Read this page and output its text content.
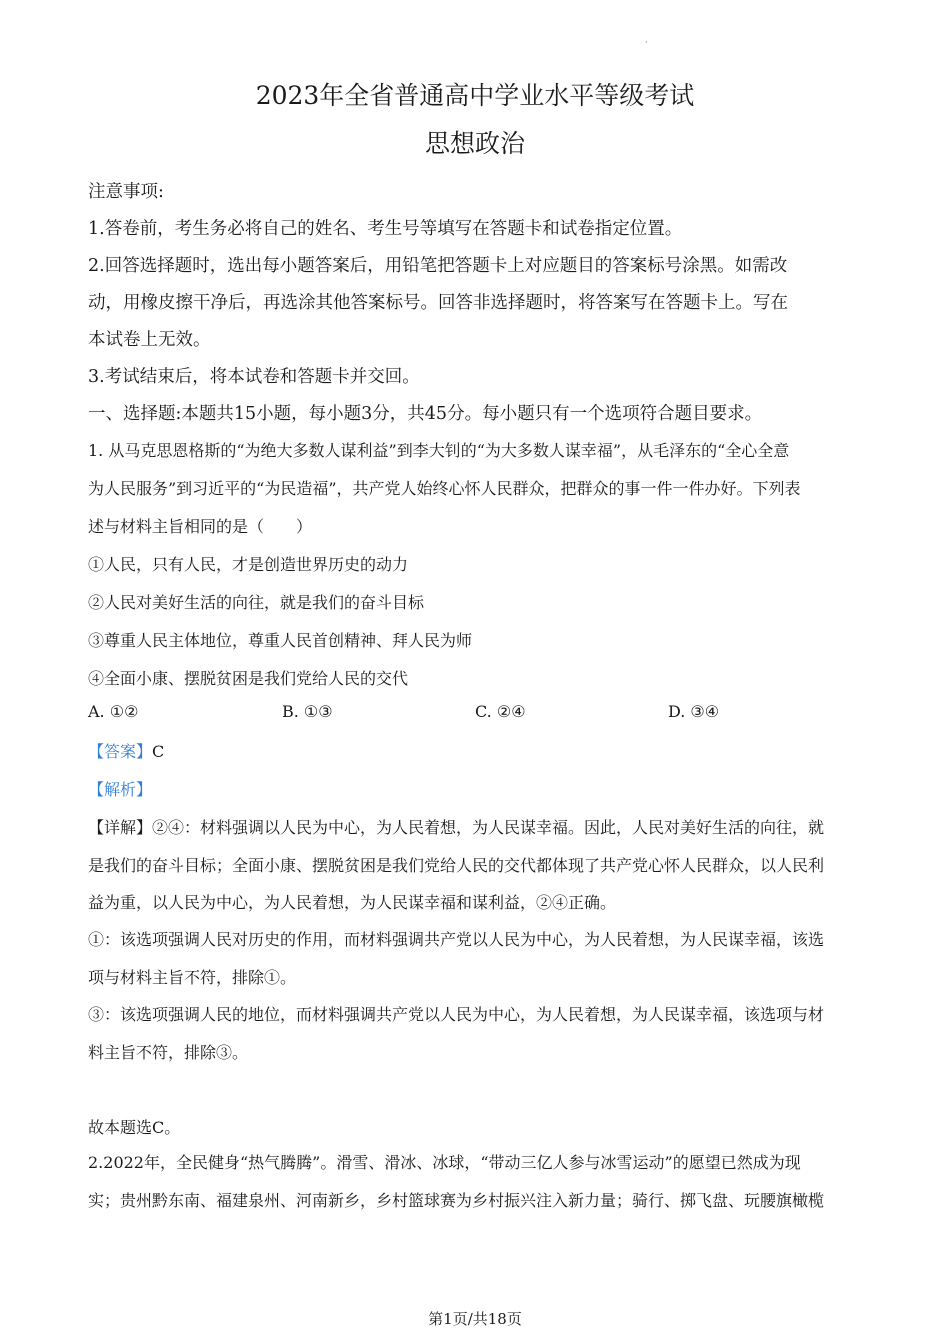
·
2023年全省普通高中学业水平等级考试
思想政治
注意事项:
1.答卷前，考生务必将自己的姓名、考生号等填写在答题卡和试卷指定位置。
2.回答选择题时，选出每小题答案后，用铅笔把答题卡上对应题目的答案标号涂黑。如需改
动，用橡皮擦干净后，再选涂其他答案标号。回答非选择题时，将答案写在答题卡上。写在
本试卷上无效。
3.考试结束后，将本试卷和答题卡并交回。
一、选择题:本题共15小题，每小题3分，共45分。每小题只有一个选项符合题目要求。
1. 从马克思恩格斯的“为绝大多数人谋利益”到李大钊的“为大多数人谋幸福”，从毛泽东的“全心全意
为人民服务”到习近平的“为民造福”，共产党人始终心怀人民群众，把群众的事一件一件办好。下列表
述与材料主旨相同的是（　　）
①人民，只有人民，才是创造世界历史的动力
②人民对美好生活的向往，就是我们的奋斗目标
③尊重人民主体地位，尊重人民首创精神、拜人民为师
④全面小康、摆脱贫困是我们党给人民的交代
A. ①②	B. ①③	C. ②④	D. ③④
【答案】C
【解析】
【详解】②④：材料强调以人民为中心，为人民着想，为人民谋幸福。因此，人民对美好生活的向往，就
是我们的奋斗目标；全面小康、摆脱贫困是我们党给人民的交代都体现了共产党心怀人民群众，以人民利
益为重，以人民为中心，为人民着想，为人民谋幸福和谋利益，②④正确。
①：该选项强调人民对历史的作用，而材料强调共产党以人民为中心，为人民着想，为人民谋幸福，该选
项与材料主旨不符，排除①。
③：该选项强调人民的地位，而材料强调共产党以人民为中心，为人民着想，为人民谋幸福，该选项与材
料主旨不符，排除③。
故本题选C。
2.2022年，全民健身“热气腾腾”。滑雪、滑冰、冰球，“带动三亿人参与冰雪运动”的愿望已然成为现
实；贵州黔东南、福建泉州、河南新乡，乡村篮球赛为乡村振兴注入新力量；骑行、掷飞盘、玩腰旗橄榄
第1页/共18页
